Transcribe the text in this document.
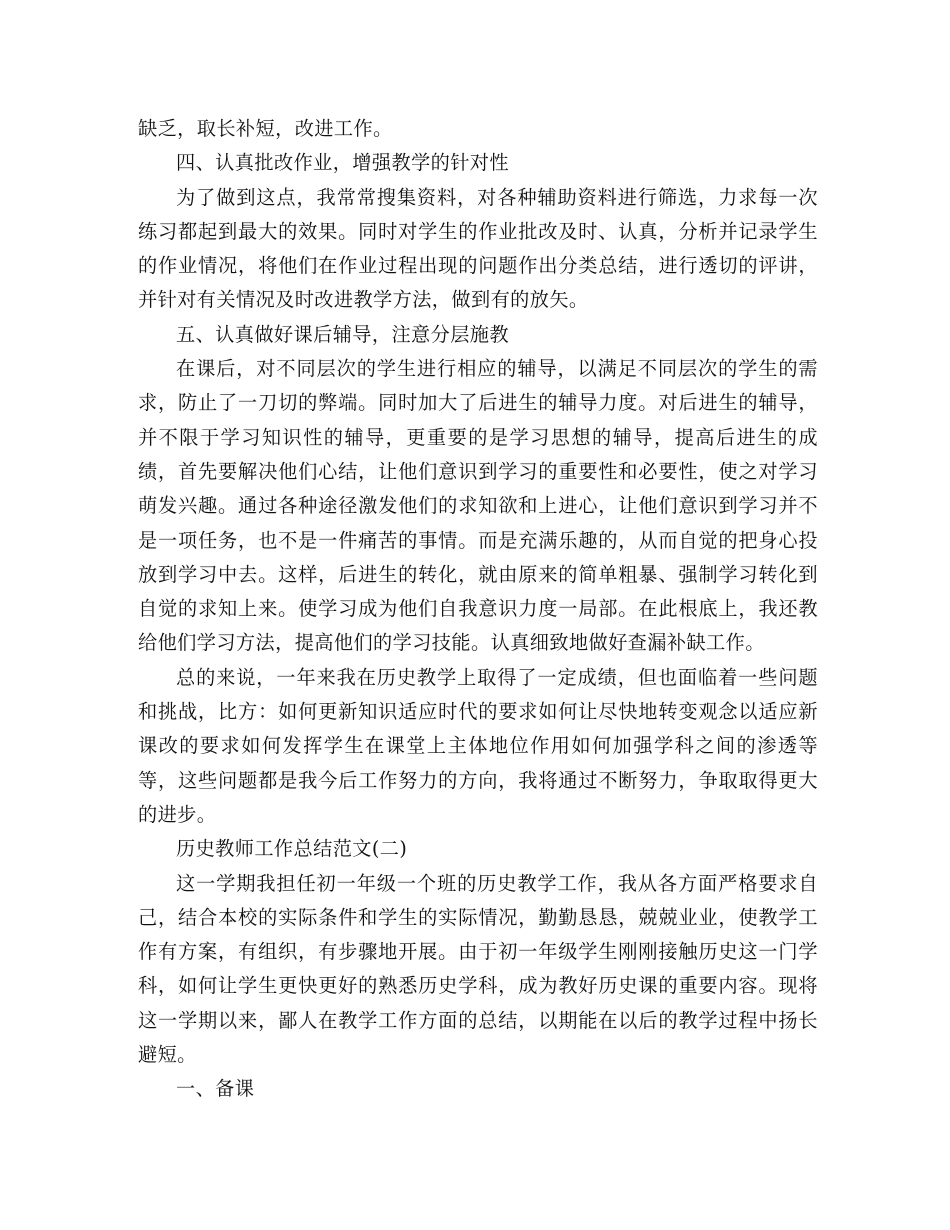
缺乏，取长补短，改进工作。

四、认真批改作业，增强教学的针对性

为了做到这点，我常常搜集资料，对各种辅助资料进行筛选，力求每一次练习都起到最大的效果。同时对学生的作业批改及时、认真，分析并记录学生的作业情况，将他们在作业过程出现的问题作出分类总结，进行透切的评讲，并针对有关情况及时改进教学方法，做到有的放矢。

五、认真做好课后辅导，注意分层施教

在课后，对不同层次的学生进行相应的辅导，以满足不同层次的学生的需求，防止了一刀切的弊端。同时加大了后进生的辅导力度。对后进生的辅导，并不限于学习知识性的辅导，更重要的是学习思想的辅导，提高后进生的成绩，首先要解决他们心结，让他们意识到学习的重要性和必要性，使之对学习萌发兴趣。通过各种途径激发他们的求知欲和上进心，让他们意识到学习并不是一项任务，也不是一件痛苦的事情。而是充满乐趣的，从而自觉的把身心投放到学习中去。这样，后进生的转化，就由原来的简单粗暴、强制学习转化到自觉的求知上来。使学习成为他们自我意识力度一局部。在此根底上，我还教给他们学习方法，提高他们的学习技能。认真细致地做好查漏补缺工作。

总的来说，一年来我在历史教学上取得了一定成绩，但也面临着一些问题和挑战，比方：如何更新知识适应时代的要求如何让尽快地转变观念以适应新课改的要求如何发挥学生在课堂上主体地位作用如何加强学科之间的渗透等等，这些问题都是我今后工作努力的方向，我将通过不断努力，争取取得更大的进步。

历史教师工作总结范文(二)

这一学期我担任初一年级一个班的历史教学工作，我从各方面严格要求自己，结合本校的实际条件和学生的实际情况，勤勤恳恳，兢兢业业，使教学工作有方案，有组织，有步骤地开展。由于初一年级学生刚刚接触历史这一门学科，如何让学生更快更好的熟悉历史学科，成为教好历史课的重要内容。现将这一学期以来，鄙人在教学工作方面的总结，以期能在以后的教学过程中扬长避短。

一、备课
